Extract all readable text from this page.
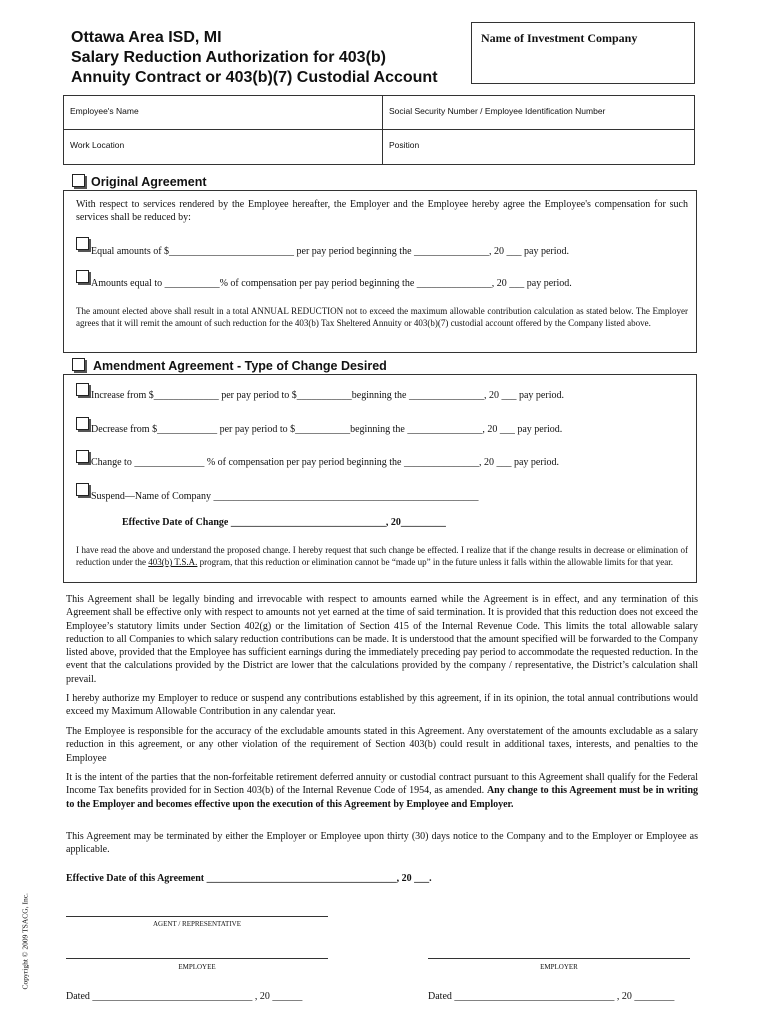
Ottawa Area ISD, MI
Salary Reduction Authorization for 403(b)
Annuity Contract or 403(b)(7) Custodial Account
Name of Investment Company
Employee's Name	Social Security Number / Employee Identification Number
Work Location	Position
Original Agreement
With respect to services rendered by the Employee hereafter, the Employer and the Employee hereby agree the Employee's compensation for such services shall be reduced by:
Equal amounts of $_________________________ per pay period beginning the _______________, 20 ___ pay period.
Amounts equal to ___________% of compensation per pay period beginning the _______________, 20 ___ pay period.
The amount elected above shall result in a total ANNUAL REDUCTION not to exceed the maximum allowable contribution calculation as stated below. The Employer agrees that it will remit the amount of such reduction for the 403(b) Tax Sheltered Annuity or 403(b)(7) custodial account offered by the Company listed above.
Amendment Agreement - Type of Change Desired
Increase from $_____________ per pay period to $___________beginning the _______________, 20 ___ pay period.
Decrease from $____________ per pay period to $___________beginning the _______________, 20 ___ pay period.
Change to ______________ % of compensation per pay period beginning the _______________, 20 ___ pay period.
Suspend—Name of Company _____________________________________________________
Effective Date of Change _______________________________, 20_________
I have read the above and understand the proposed change. I hereby request that such change be effected. I realize that if the change results in decrease or elimination of reduction under the 403(b) T.S.A. program, that this reduction or elimination cannot be “made up” in the future unless it falls within the allowable limits for that year.
This Agreement shall be legally binding and irrevocable with respect to amounts earned while the Agreement is in effect, and any termination of this Agreement shall be effective only with respect to amounts not yet earned at the time of said termination. It is provided that this reduction does not exceed the Employee’s statutory limits under Section 402(g) or the limitation of Section 415 of the Internal Revenue Code. This limits the total allowable salary reduction to all Companies to which salary reduction contributions can be made. It is understood that the amount specified will be forwarded to the Company listed above, provided that the Employee has sufficient earnings during the immediately preceding pay period to accommodate the requested reduction. In the event that the calculations provided by the District are lower that the calculations provided by the company / representative, the District’s calculation shall prevail.
I hereby authorize my Employer to reduce or suspend any contributions established by this agreement, if in its opinion, the total annual contributions would exceed my Maximum Allowable Contribution in any calendar year.
The Employee is responsible for the accuracy of the excludable amounts stated in this Agreement. Any overstatement of the amounts excludable as a salary reduction in this agreement, or any other violation of the requirement of Section 403(b) could result in additional taxes, interests, and penalties to the Employee
It is the intent of the parties that the non-forfeitable retirement deferred annuity or custodial contract pursuant to this Agreement shall qualify for the Federal Income Tax benefits provided for in Section 403(b) of the Internal Revenue Code of 1954, as amended. Any change to this Agreement must be in writing to the Employer and becomes effective upon the execution of this Agreement by Employee and Employer.
This Agreement may be terminated by either the Employer or Employee upon thirty (30) days notice to the Company and to the Employer or Employee as applicable.
Effective Date of this Agreement ______________________________________, 20 ___.
AGENT / REPRESENTATIVE
EMPLOYEE	EMPLOYER
Dated ________________________________ , 20 ______	Dated ________________________________ , 20 ________
Copyright © 2009 TSACG, Inc.
